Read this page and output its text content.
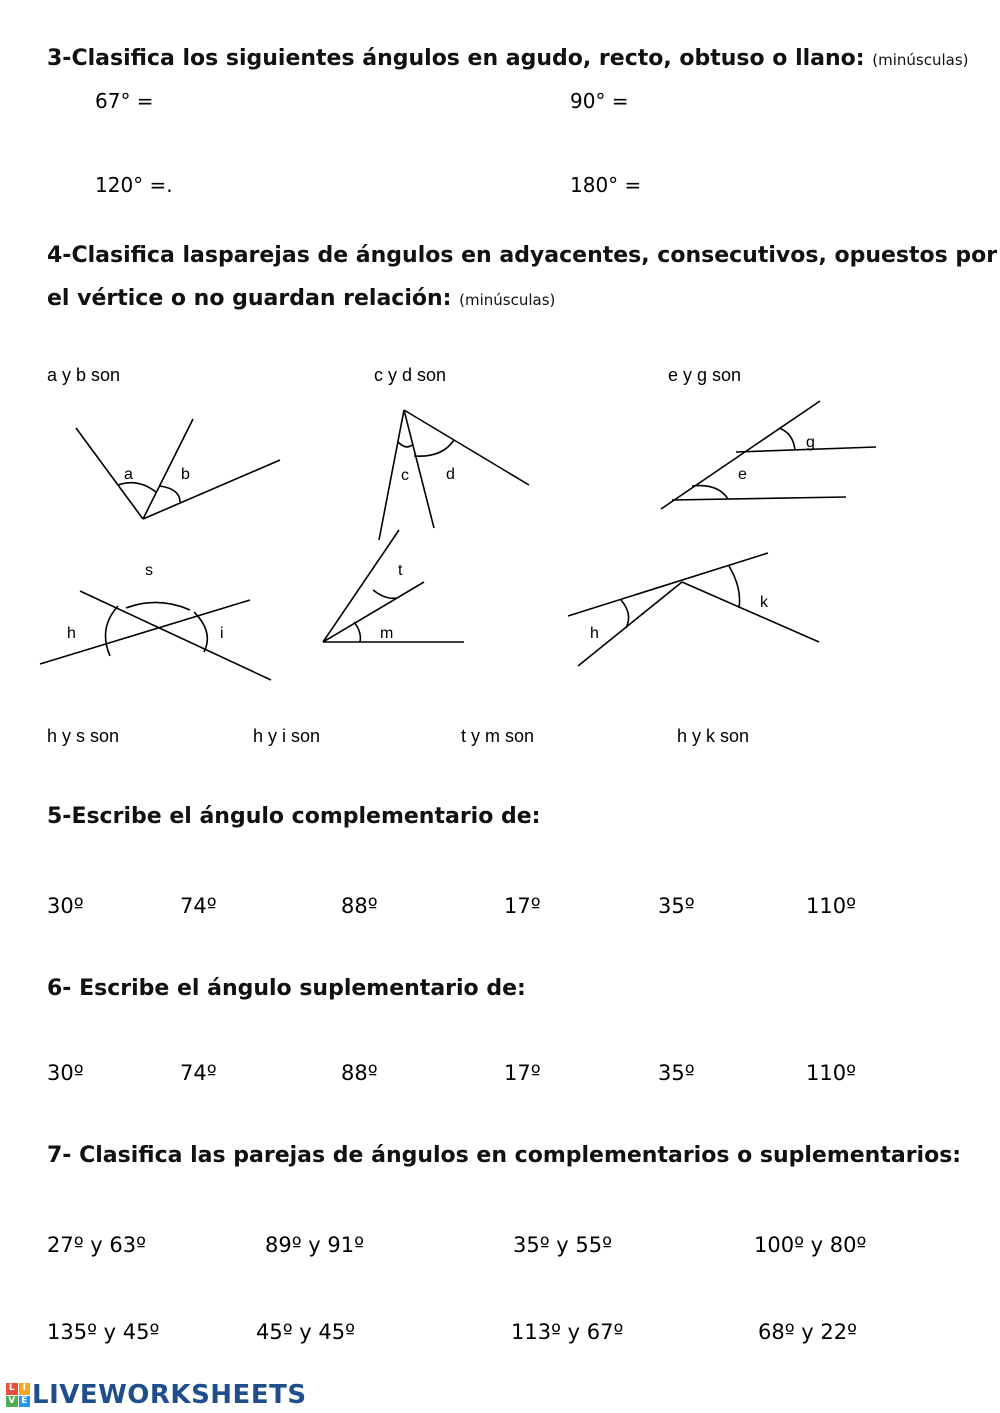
3-Clasifica los siguientes ángulos en agudo, recto, obtuso o llano: (minúsculas)
67° =	90° =
120° =.	180° =
4-Clasifica lasparejas de ángulos en adyacentes, consecutivos, opuestos por
el vértice o no guardan relación: (minúsculas)
a y b son	c y d son	e y g son
a	b	c d	e
g
s
h	i
t
m	h
k
h y s son	h y i son	t y m son	h y k son
5-Escribe el ángulo complementario de:
30º	74º	88º	17º	35º	110º
6- Escribe el ángulo suplementario de:
30º	74º	88º	17º	35º	110º
7- Clasifica las parejas de ángulos en complementarios o suplementarios:
27º y 63º	89º y 91º	35º y 55º	100º y 80º
135º y 45º	45º y 45º	113º y 67º	68º y 22º
L I
V E LIVEWORKSHEETS
